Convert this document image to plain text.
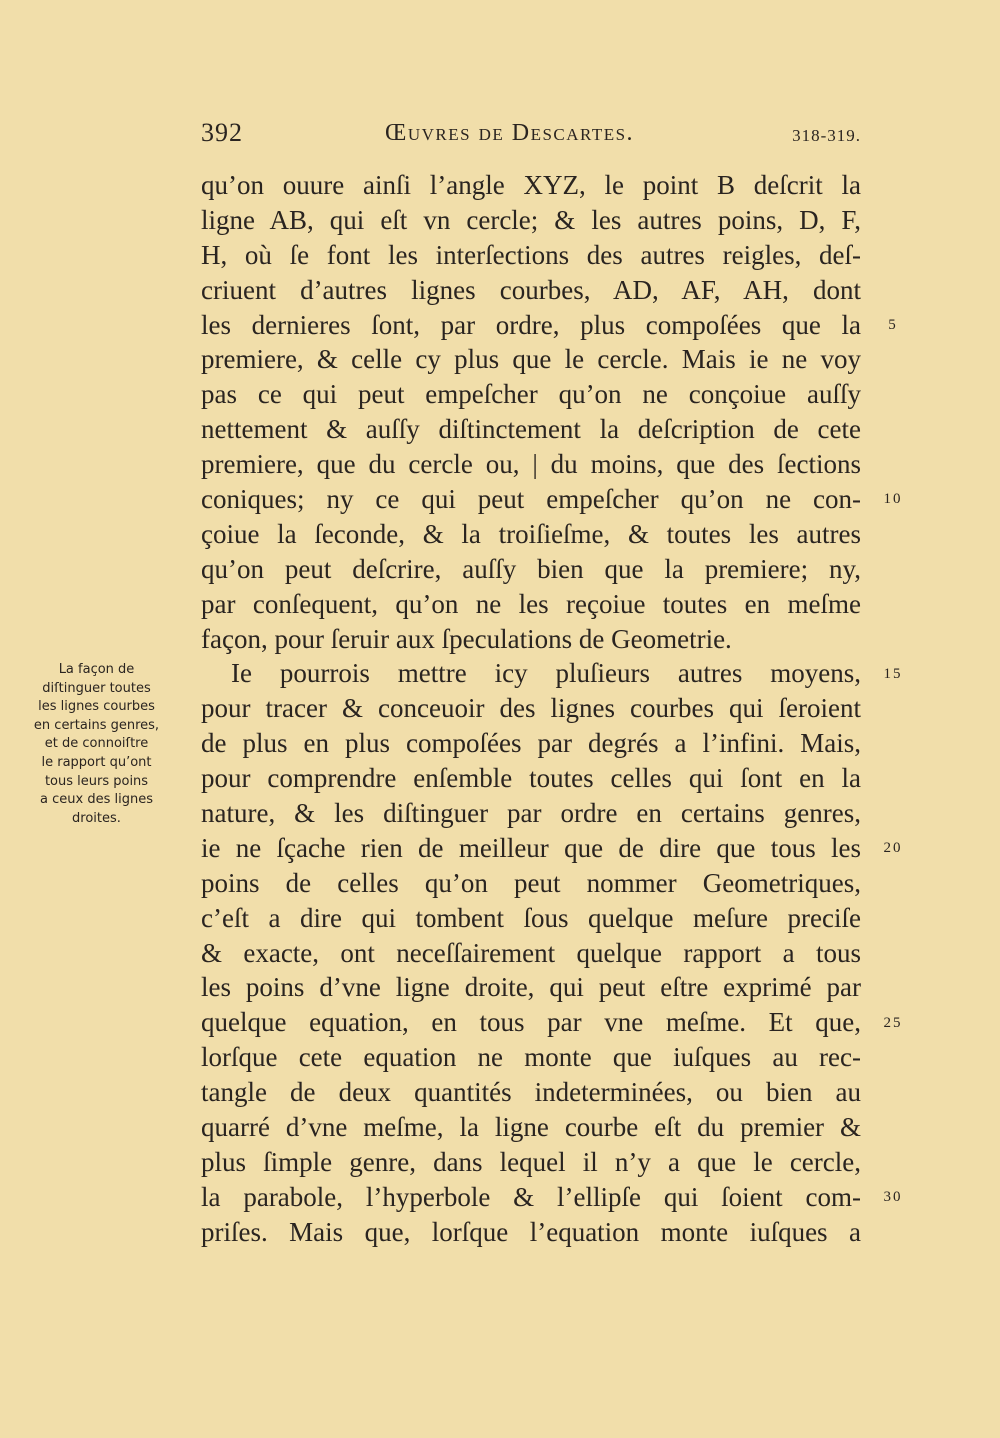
392	Œuvres de Descartes.	318-319.
La façon de
diſtinguer toutes
les lignes courbes
en certains genres,
et de connoiſtre
le rapport qu’ont
tous leurs poins
a ceux des lignes
droites.
qu’on ouure ainſi l’angle XYZ, le point B deſcrit la
ligne AB, qui eſt vn cercle; & les autres poins, D, F,
H, où ſe font les interſections des autres reigles, deſ-
criuent d’autres lignes courbes, AD, AF, AH, dont
les dernieres ſont, par ordre, plus compoſées que la
premiere, & celle cy plus que le cercle. Mais ie ne voy
pas ce qui peut empeſcher qu’on ne conçoiue auſſy
nettement & auſſy diſtinctement la deſcription de cete
premiere, que du cercle ou, | du moins, que des ſections
coniques; ny ce qui peut empeſcher qu’on ne con-
çoiue la ſeconde, & la troiſieſme, & toutes les autres
qu’on peut deſcrire, auſſy bien que la premiere; ny,
par conſequent, qu’on ne les reçoiue toutes en meſme
façon, pour ſeruir aux ſpeculations de Geometrie.
Ie pourrois mettre icy pluſieurs autres moyens,
pour tracer & conceuoir des lignes courbes qui ſeroient
de plus en plus compoſées par degrés a l’infini. Mais,
pour comprendre enſemble toutes celles qui ſont en la
nature, & les diſtinguer par ordre en certains genres,
ie ne ſçache rien de meilleur que de dire que tous les
poins de celles qu’on peut nommer Geometriques,
c’eſt a dire qui tombent ſous quelque meſure preciſe
& exacte, ont neceſſairement quelque rapport a tous
les poins d’vne ligne droite, qui peut eſtre exprimé par
quelque equation, en tous par vne meſme. Et que,
lorſque cete equation ne monte que iuſques au rec-
tangle de deux quantités indeterminées, ou bien au
quarré d’vne meſme, la ligne courbe eſt du premier &
plus ſimple genre, dans lequel il n’y a que le cercle,
la parabole, l’hyperbole & l’ellipſe qui ſoient com-
priſes. Mais que, lorſque l’equation monte iuſques a
5
10
15
20
25
30
